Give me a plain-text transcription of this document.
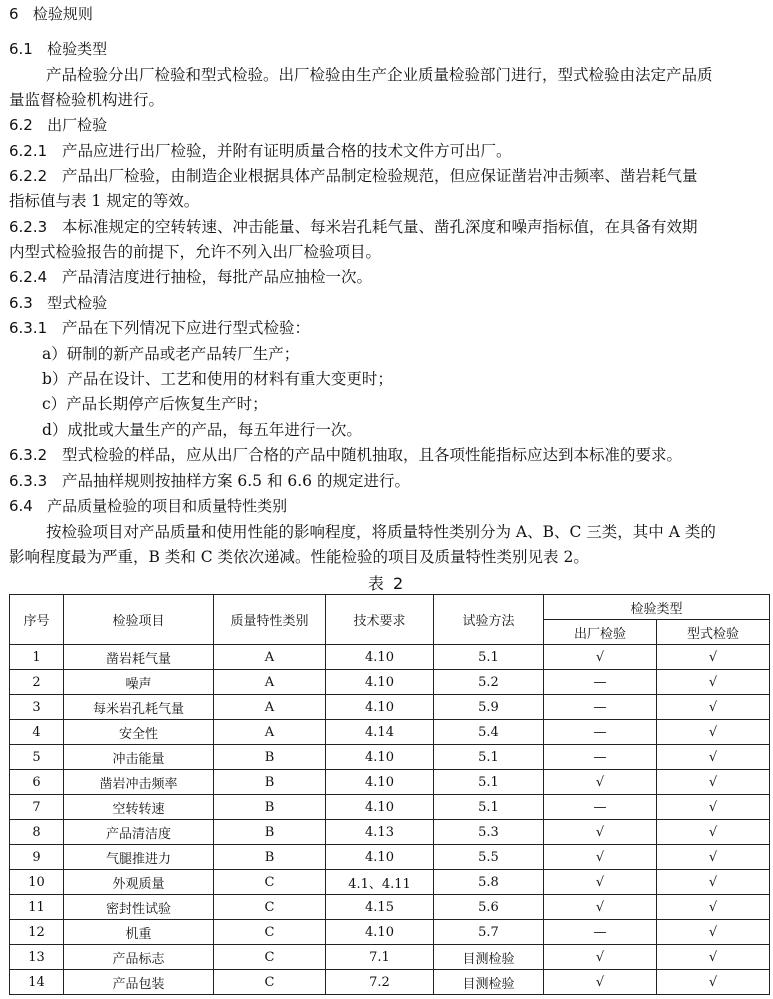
6 检验规则
6.1 检验类型
产品检验分出厂检验和型式检验。出厂检验由生产企业质量检验部门进行，型式检验由法定产品质
量监督检验机构进行。
6.2 出厂检验
6.2.1 产品应进行出厂检验，并附有证明质量合格的技术文件方可出厂。
6.2.2 产品出厂检验，由制造企业根据具体产品制定检验规范，但应保证凿岩冲击频率、凿岩耗气量
指标值与表 1 规定的等效。
6.2.3 本标准规定的空转转速、冲击能量、每米岩孔耗气量、凿孔深度和噪声指标值，在具备有效期
内型式检验报告的前提下，允许不列入出厂检验项目。
6.2.4 产品清洁度进行抽检，每批产品应抽检一次。
6.3 型式检验
6.3.1 产品在下列情况下应进行型式检验：
a）研制的新产品或老产品转厂生产；
b）产品在设计、工艺和使用的材料有重大变更时；
c）产品长期停产后恢复生产时；
d）成批或大量生产的产品，每五年进行一次。
6.3.2 型式检验的样品，应从出厂合格的产品中随机抽取，且各项性能指标应达到本标准的要求。
6.3.3 产品抽样规则按抽样方案 6.5 和 6.6 的规定进行。
6.4 产品质量检验的项目和质量特性类别
按检验项目对产品质量和使用性能的影响程度，将质量特性类别分为 A、B、C 三类，其中 A 类的
影响程度最为严重，B 类和 C 类依次递减。性能检验的项目及质量特性类别见表 2。
表 2
序号	检验项目	质量特性类别	技术要求	试验方法	检验类型	
					出厂检验	型式检验
1	凿岩耗气量	A	4.10	5.1	√	√
2	噪声	A	4.10	5.2	—	√
3	每米岩孔耗气量	A	4.10	5.9	—	√
4	安全性	A	4.14	5.4	—	√
5	冲击能量	B	4.10	5.1	—	√
6	凿岩冲击频率	B	4.10	5.1	√	√
7	空转转速	B	4.10	5.1	—	√
8	产品清洁度	B	4.13	5.3	√	√
9	气腿推进力	B	4.10	5.5	√	√
10	外观质量	C	4.1、4.11	5.8	√	√
11	密封性试验	C	4.15	5.6	√	√
12	机重	C	4.10	5.7	—	√
13	产品标志	C	7.1	目测检验	√	√
14	产品包装	C	7.2	目测检验	√	√
